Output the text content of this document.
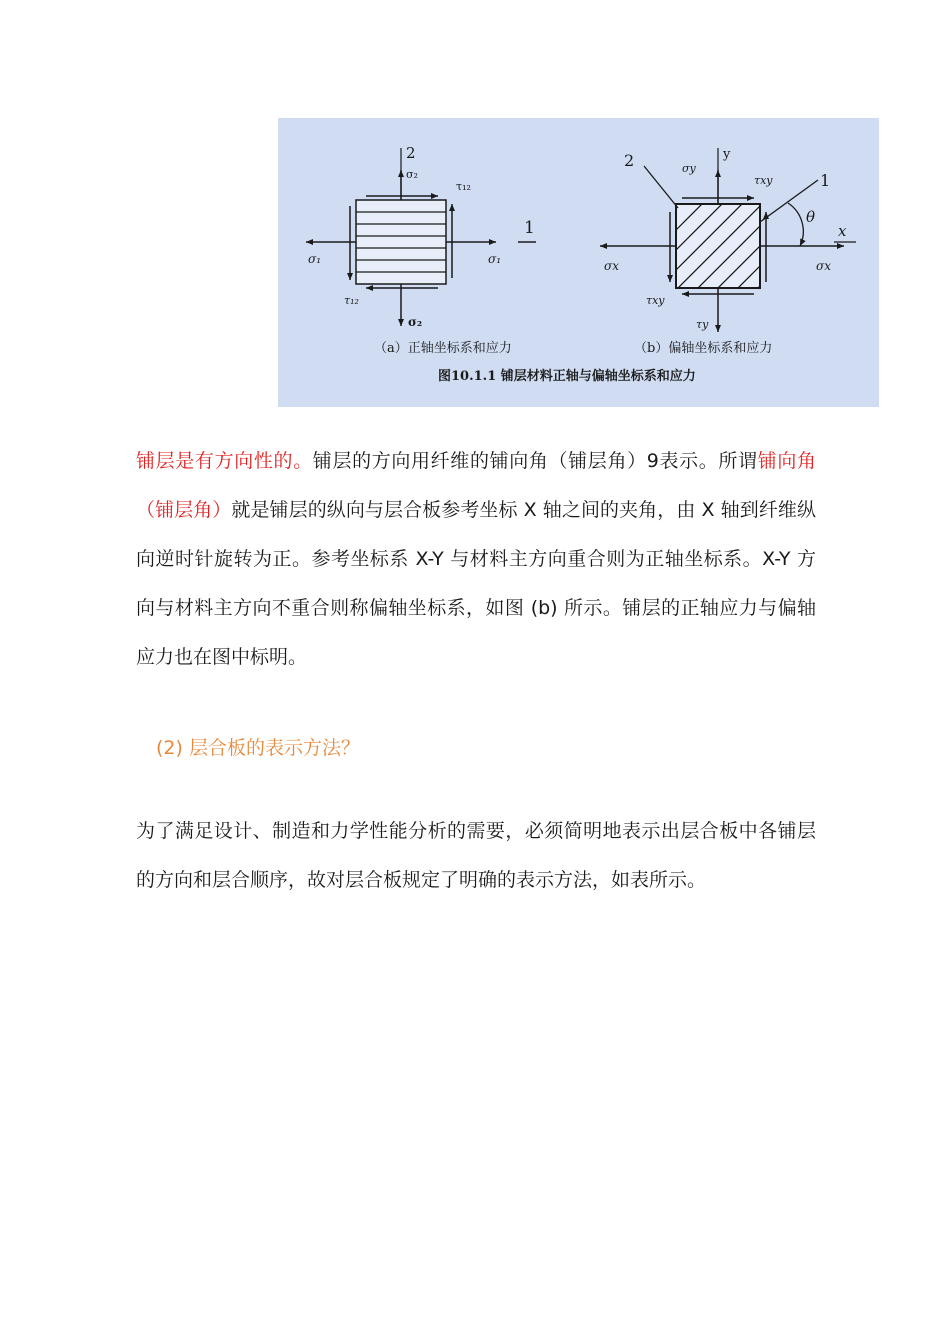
2
σ₂
τ₁₂
σ₁	σ₁
1
τ₁₂
σ₂
（a）正轴坐标系和应力
2
1
y
σy
τxy
σx	σx
x
θ
τxy
τy
（b）偏轴坐标系和应力
图10.1.1 铺层材料正轴与偏轴坐标系和应力
铺层是有方向性的。铺层的方向用纤维的铺向角（铺层角）9表示。所谓铺向角（铺层角）就是铺层的纵向与层合板参考坐标 X 轴之间的夹角，由 X 轴到纤维纵向逆时针旋转为正。参考坐标系 X-Y 与材料主方向重合则为正轴坐标系。X-Y 方向与材料主方向不重合则称偏轴坐标系，如图 (b) 所示。铺层的正轴应力与偏轴应力也在图中标明。
(2) 层合板的表示方法？
为了满足设计、制造和力学性能分析的需要，必须简明地表示出层合板中各铺层的方向和层合顺序，故对层合板规定了明确的表示方法，如表所示。
